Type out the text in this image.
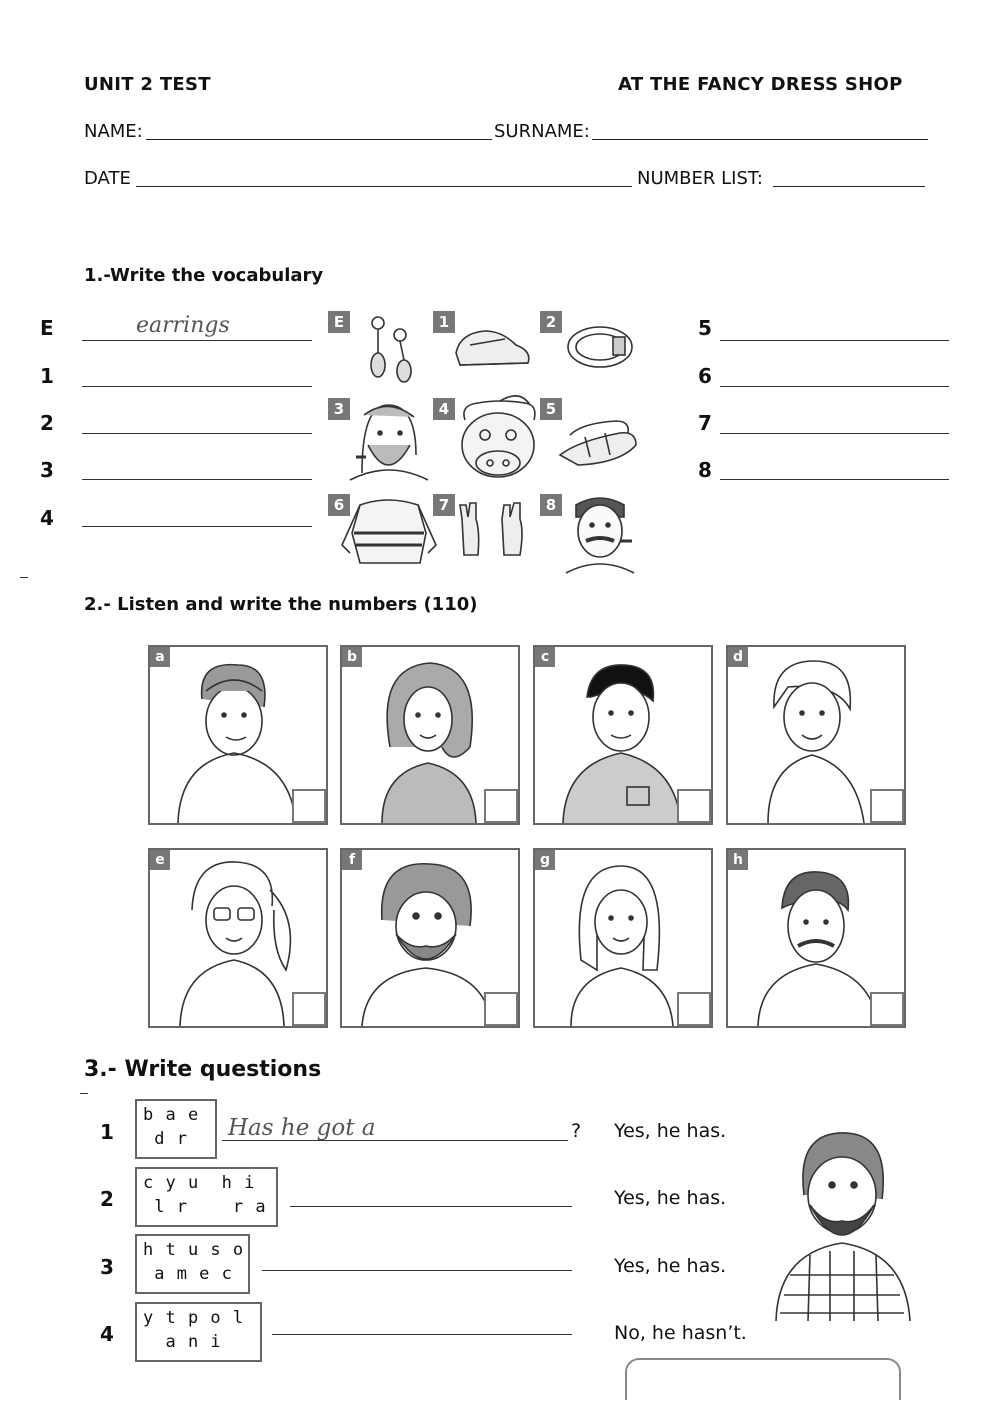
UNIT 2 TEST	AT THE FANCY DRESS SHOP
NAME:	SURNAME:
DATE	NUMBER LIST:
1.-Write the vocabulary
E	earrings
1
2
3
4
5
6
7
8
E	1	2
3	4	5
6	7	8
2.- Listen and write the numbers (110)
a	b	c	d
e	f	g	h
3.- Write questions
1
b a e
d r	Has he got a	? Yes, he has.
2
c y u  h i
l r    r a	Yes, he has.
3
h t u s o
a m e c	Yes, he has.
4
y t p o l
a n i	No, he hasn’t.
